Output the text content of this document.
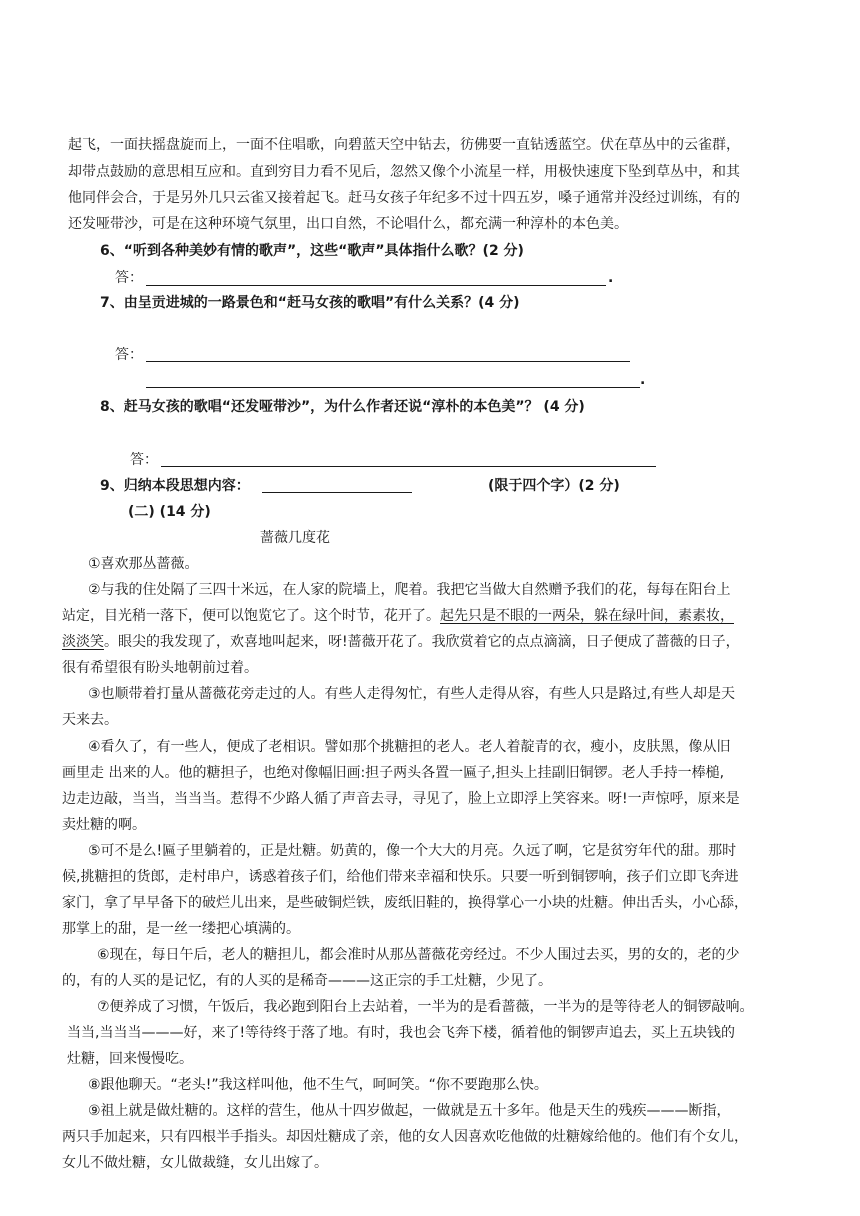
起飞，一面扶摇盘旋而上，一面不住唱歌，向碧蓝天空中钻去，彷佛要一直钻透蓝空。伏在草丛中的云雀群，
却带点鼓励的意思相互应和。直到穷目力看不见后，忽然又像个小流星一样，用极快速度下坠到草丛中，和其
他同伴会合，于是另外几只云雀又接着起飞。赶马女孩子年纪多不过十四五岁，嗓子通常并没经过训练，有的
还发哑带沙，可是在这种环境气氛里，出口自然，不论唱什么，都充满一种淳朴的本色美。
6、“听到各种美妙有情的歌声”，这些“歌声”具体指什么歌？(2 分)
答：	.
7、由呈贡进城的一路景色和“赶马女孩的歌唱”有什么关系？(4 分)
答：
.
8、赶马女孩的歌唱“还发哑带沙”，为什么作者还说“淳朴的本色美”？ (4 分)
答：
9、归纳本段思想内容：	(限于四个字）(2 分)
(二) (14 分)
蔷薇几度花
①喜欢那丛蔷薇。
②与我的住处隔了三四十米远，在人家的院墙上，爬着。我把它当做大自然赠予我们的花，每每在阳台上
站定，目光稍一落下，便可以饱览它了。这个时节，花开了。起先只是不眼的一两朵，躲在绿叶间，素素妆，
淡淡笑。眼尖的我发现了，欢喜地叫起来，呀!蔷薇开花了。我欣赏着它的点点滴滴，日子便成了蔷薇的日子，
很有希望很有盼头地朝前过着。
③也顺带着打量从蔷薇花旁走过的人。有些人走得匆忙，有些人走得从容，有些人只是路过,有些人却是天
天来去。
④看久了，有一些人，便成了老相识。譬如那个挑糖担的老人。老人着靛青的衣，瘦小，皮肤黑，像从旧
画里走 出来的人。他的糖担子，也绝对像幅旧画:担子两头各置一匾子,担头上挂副旧铜锣。老人手持一棒槌,
边走边敲，当当，当当当。惹得不少路人循了声音去寻，寻见了，脸上立即浮上笑容来。呀!一声惊呼，原来是
卖灶糖的啊。
⑤可不是么!匾子里躺着的，正是灶糖。奶黄的，像一个大大的月亮。久远了啊，它是贫穷年代的甜。那时
候,挑糖担的货郎，走村串户，诱惑着孩子们，给他们带来幸福和快乐。只要一听到铜锣响，孩子们立即飞奔进
家门，拿了早早备下的破烂儿出来，是些破铜烂铁，废纸旧鞋的，换得掌心一小块的灶糖。伸出舌头，小心舔，
那掌上的甜，是一丝一缕把心填满的。
⑥现在，每日午后，老人的糖担儿，都会准时从那丛蔷薇花旁经过。不少人围过去买，男的女的，老的少
的，有的人买的是记忆，有的人买的是稀奇———这正宗的手工灶糖，少见了。
⑦便养成了习惯，午饭后，我必跑到阳台上去站着，一半为的是看蔷薇，一半为的是等待老人的铜锣敲响。
当当,当当当———好，来了!等待终于落了地。有时，我也会飞奔下楼，循着他的铜锣声追去，买上五块钱的
灶糖，回来慢慢吃。
⑧跟他聊天。“老头!”我这样叫他，他不生气，呵呵笑。“你不要跑那么快。
⑨祖上就是做灶糖的。这样的营生，他从十四岁做起，一做就是五十多年。他是天生的残疾———断指，
两只手加起来，只有四根半手指头。却因灶糖成了亲，他的女人因喜欢吃他做的灶糖嫁给他的。他们有个女儿，
女儿不做灶糖，女儿做裁缝，女儿出嫁了。
